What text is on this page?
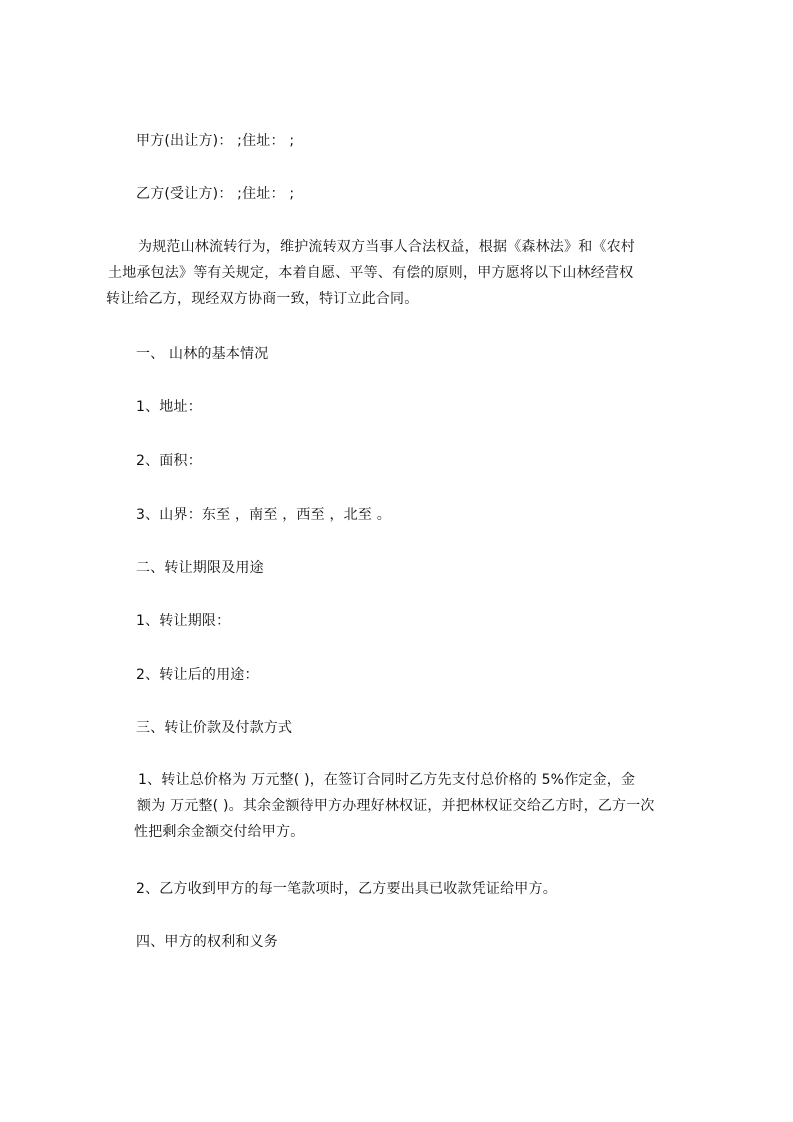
甲方(出让方)： ;住址： ;
乙方(受让方)： ;住址： ;

为规范山林流转行为，维护流转双方当事人合法权益，根据《森林法》和《农村

土地承包法》等有关规定，本着自愿、平等、有偿的原则，甲方愿将以下山林经营权

转让给乙方，现经双方协商一致，特订立此合同。

一、 山林的基本情况
1、地址：
2、面积：
3、山界：东至 ，南至 ，西至 ，北至 。
二、转让期限及用途
1、转让期限：
2、转让后的用途：
三、转让价款及付款方式

1、转让总价格为 万元整( )，在签订合同时乙方先支付总价格的 5%作定金，金

额为 万元整( )。其余金额待甲方办理好林权证，并把林权证交给乙方时，乙方一次

性把剩余金额交付给甲方。

2、乙方收到甲方的每一笔款项时，乙方要出具已收款凭证给甲方。
四、甲方的权利和义务
